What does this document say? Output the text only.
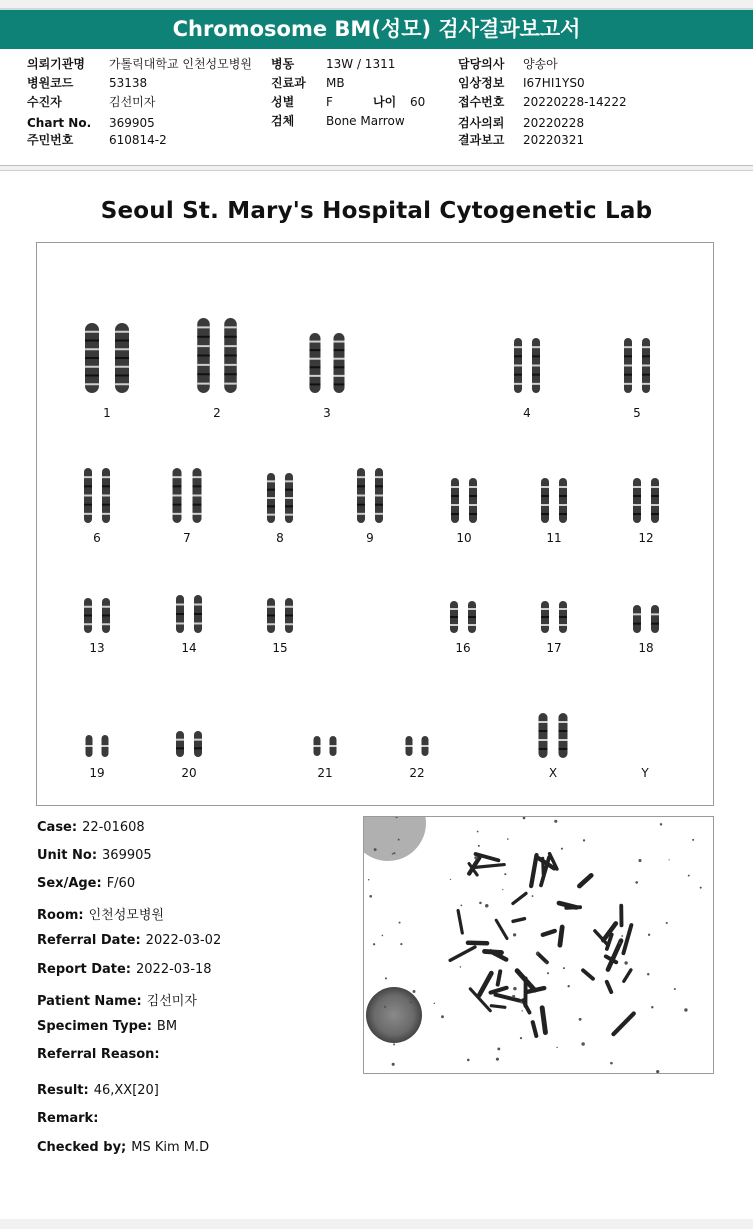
Chromosome BM(성모) 검사결과보고서
의뢰기관명 가톨릭대학교 인천성모병원
병원코드	53138
수진자	김선미자
Chart No. 369905
주민번호	610814-2
병동	13W / 1311
진료과 MB
성별	F	나이 60
검체	Bone Marrow
담당의사 양송아
임상정보 I67HI1YS0
접수번호 20220228-14222
검사의뢰 20220228
결과보고 20220321
Seoul St. Mary's Hospital Cytogenetic Lab
1	2	3	4	5
6	7	8	9	10	11	12
13	14	15	16	17	18
19	20	21	22	X	Y
Case: 22-01608
Unit No: 369905
Sex/Age: F/60
Room: 인천성모병원
Referral Date: 2022-03-02
Report Date: 2022-03-18
Patient Name: 김선미자
Specimen Type: BM
Referral Reason:
Result: 46,XX[20]
Remark:
Checked by; MS Kim M.D
